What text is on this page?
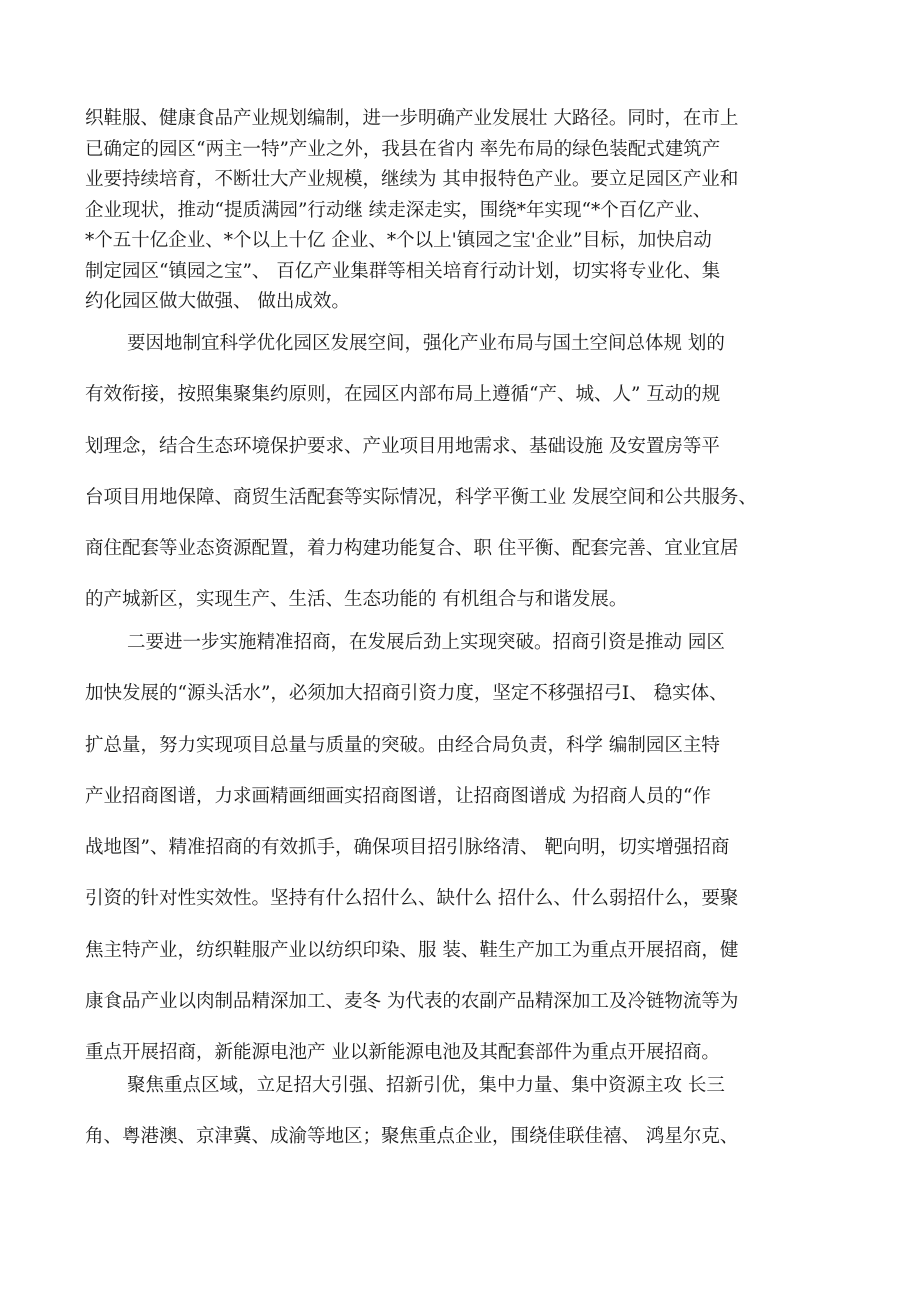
织鞋服、健康食品产业规划编制，进一步明确产业发展壮 大路径。同时，在市上
已确定的园区“两主一特”产业之外，我县在省内 率先布局的绿色装配式建筑产
业要持续培育，不断壮大产业规模，继续为 其申报特色产业。要立足园区产业和
企业现状，推动“提质满园”行动继 续走深走实，围绕*年实现“*个百亿产业、
*个五十亿企业、*个以上十亿 企业、*个以上'镇园之宝'企业”目标，加快启动
制定园区“镇园之宝”、 百亿产业集群等相关培育行动计划，切实将专业化、集
约化园区做大做强、 做出成效。
要因地制宜科学优化园区发展空间，强化产业布局与国土空间总体规 划的
有效衔接，按照集聚集约原则，在园区内部布局上遵循“产、城、人” 互动的规
划理念，结合生态环境保护要求、产业项目用地需求、基础设施 及安置房等平
台项目用地保障、商贸生活配套等实际情况，科学平衡工业 发展空间和公共服务、
商住配套等业态资源配置，着力构建功能复合、职 住平衡、配套完善、宜业宜居
的产城新区，实现生产、生活、生态功能的 有机组合与和谐发展。
二要进一步实施精准招商，在发展后劲上实现突破。招商引资是推动 园区
加快发展的“源头活水”，必须加大招商引资力度，坚定不移强招弓I、 稳实体、
扩总量，努力实现项目总量与质量的突破。由经合局负责，科学 编制园区主特
产业招商图谱，力求画精画细画实招商图谱，让招商图谱成 为招商人员的“作
战地图”、精准招商的有效抓手，确保项目招引脉络清、 靶向明，切实增强招商
引资的针对性实效性。坚持有什么招什么、缺什么 招什么、什么弱招什么，要聚
焦主特产业，纺织鞋服产业以纺织印染、服 装、鞋生产加工为重点开展招商，健
康食品产业以肉制品精深加工、麦冬 为代表的农副产品精深加工及冷链物流等为
重点开展招商，新能源电池产 业以新能源电池及其配套部件为重点开展招商。
聚焦重点区域，立足招大引强、招新引优，集中力量、集中资源主攻 长三
角、粤港澳、京津冀、成渝等地区；聚焦重点企业，围绕佳联佳禧、 鸿星尔克、
